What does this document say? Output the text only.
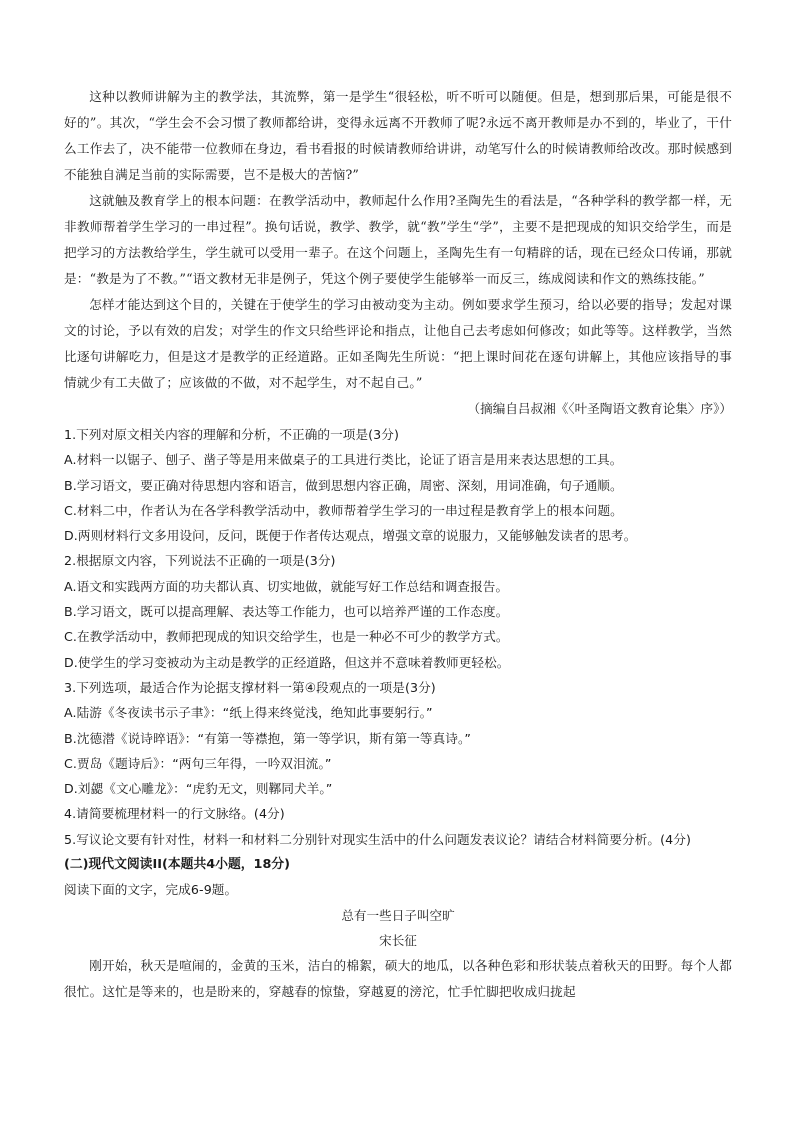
这种以教师讲解为主的教学法，其流弊，第一是学生“很轻松，听不听可以随便。但是，想到那后果，可能是很不好的”。其次，“学生会不会习惯了教师都给讲，变得永远离不开教师了呢?永远不离开教师是办不到的，毕业了，干什么工作去了，决不能带一位教师在身边，看书看报的时候请教师给讲讲，动笔写什么的时候请教师给改改。那时候感到不能独自满足当前的实际需要，岂不是极大的苦恼?”

这就触及教育学上的根本问题：在教学活动中，教师起什么作用?圣陶先生的看法是，“各种学科的教学都一样，无非教师帮着学生学习的一串过程”。换句话说，教学、教学，就“教”学生“学”，主要不是把现成的知识交给学生，而是把学习的方法教给学生，学生就可以受用一辈子。在这个问题上，圣陶先生有一句精辟的话，现在已经众口传诵，那就是：“教是为了不教。”“语文教材无非是例子，凭这个例子要使学生能够举一而反三，练成阅读和作文的熟练技能。”

怎样才能达到这个目的，关键在于使学生的学习由被动变为主动。例如要求学生预习，给以必要的指导；发起对课文的讨论，予以有效的启发；对学生的作文只给些评论和指点，让他自己去考虑如何修改；如此等等。这样教学，当然比逐句讲解吃力，但是这才是教学的正经道路。正如圣陶先生所说：“把上课时间花在逐句讲解上，其他应该指导的事情就少有工夫做了；应该做的不做，对不起学生，对不起自己。”

（摘编自吕叔湘《〈叶圣陶语文教育论集〉序》）

1.下列对原文相关内容的理解和分析，不正确的一项是(3分)

A.材料一以锯子、刨子、凿子等是用来做桌子的工具进行类比，论证了语言是用来表达思想的工具。

B.学习语文，要正确对待思想内容和语言，做到思想内容正确，周密、深刻，用词准确，句子通顺。

C.材料二中，作者认为在各学科教学活动中，教师帮着学生学习的一串过程是教育学上的根本问题。

D.两则材料行文多用设问，反问，既便于作者传达观点，增强文章的说服力，又能够触发读者的思考。

2.根据原文内容，下列说法不正确的一项是(3分)

A.语文和实践两方面的功夫都认真、切实地做，就能写好工作总结和调查报告。

B.学习语文，既可以提高理解、表达等工作能力，也可以培养严谨的工作态度。

C.在教学活动中，教师把现成的知识交给学生，也是一种必不可少的教学方式。

D.使学生的学习变被动为主动是教学的正经道路，但这并不意味着教师更轻松。

3.下列选项，最适合作为论据支撑材料一第④段观点的一项是(3分)

A.陆游《冬夜读书示子聿》：“纸上得来终觉浅，绝知此事要躬行。”

B.沈德潜《说诗晬语》：“有第一等襟抱，第一等学识，斯有第一等真诗。”

C.贾岛《题诗后》：“两句三年得，一吟双泪流。”

D.刘勰《文心雕龙》：“虎豹无文，则鞹同犬羊。”

4.请简要梳理材料一的行文脉络。(4分)

5.写议论文要有针对性，材料一和材料二分别针对现实生活中的什么问题发表议论？请结合材料简要分析。(4分)

(二)现代文阅读II(本题共4小题，18分)

阅读下面的文字，完成6-9题。

总有一些日子叫空旷

宋长征

刚开始，秋天是喧闹的，金黄的玉米，洁白的棉絮，硕大的地瓜，以各种色彩和形状装点着秋天的田野。每个人都很忙。这忙是等来的，也是盼来的，穿越春的惊蛰，穿越夏的滂沱，忙手忙脚把收成归拢起
